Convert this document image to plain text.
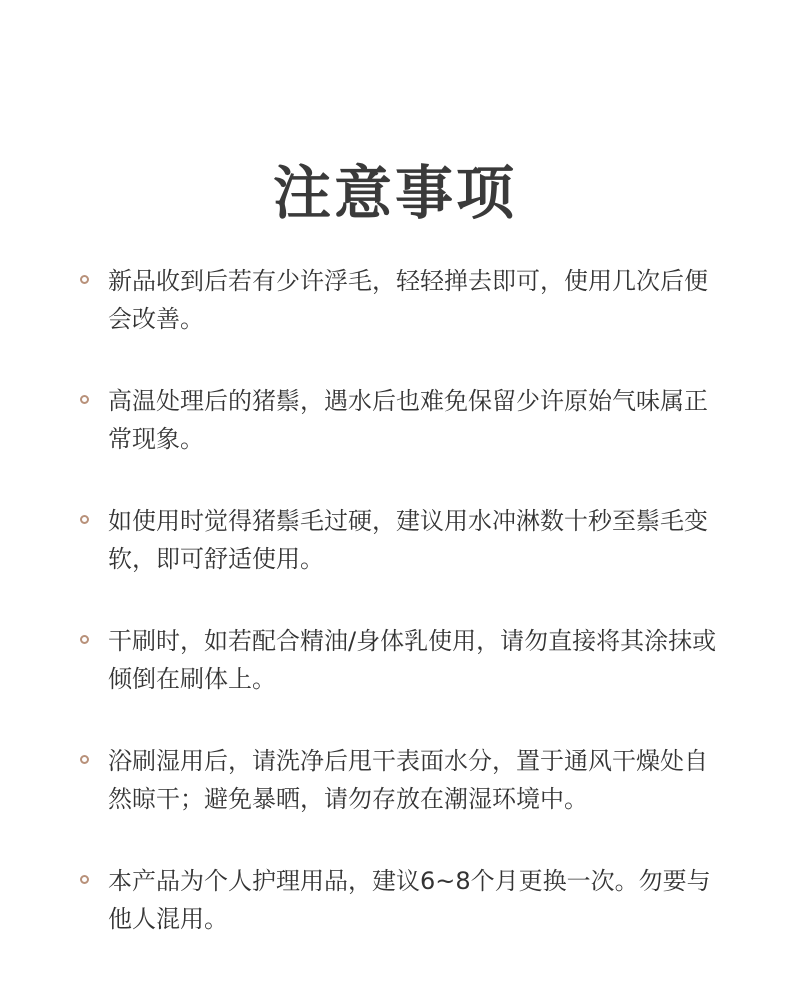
注意事项
新品收到后若有少许浮毛，轻轻掸去即可，使用几次后便会改善。
高温处理后的猪鬃，遇水后也难免保留少许原始气味属正常现象。
如使用时觉得猪鬃毛过硬，建议用水冲淋数十秒至鬃毛变软，即可舒适使用。
干刷时，如若配合精油/身体乳使用，请勿直接将其涂抹或倾倒在刷体上。
浴刷湿用后，请洗净后甩干表面水分，置于通风干燥处自然晾干；避免暴晒，请勿存放在潮湿环境中。
本产品为个人护理用品，建议6~8个月更换一次。勿要与他人混用。
